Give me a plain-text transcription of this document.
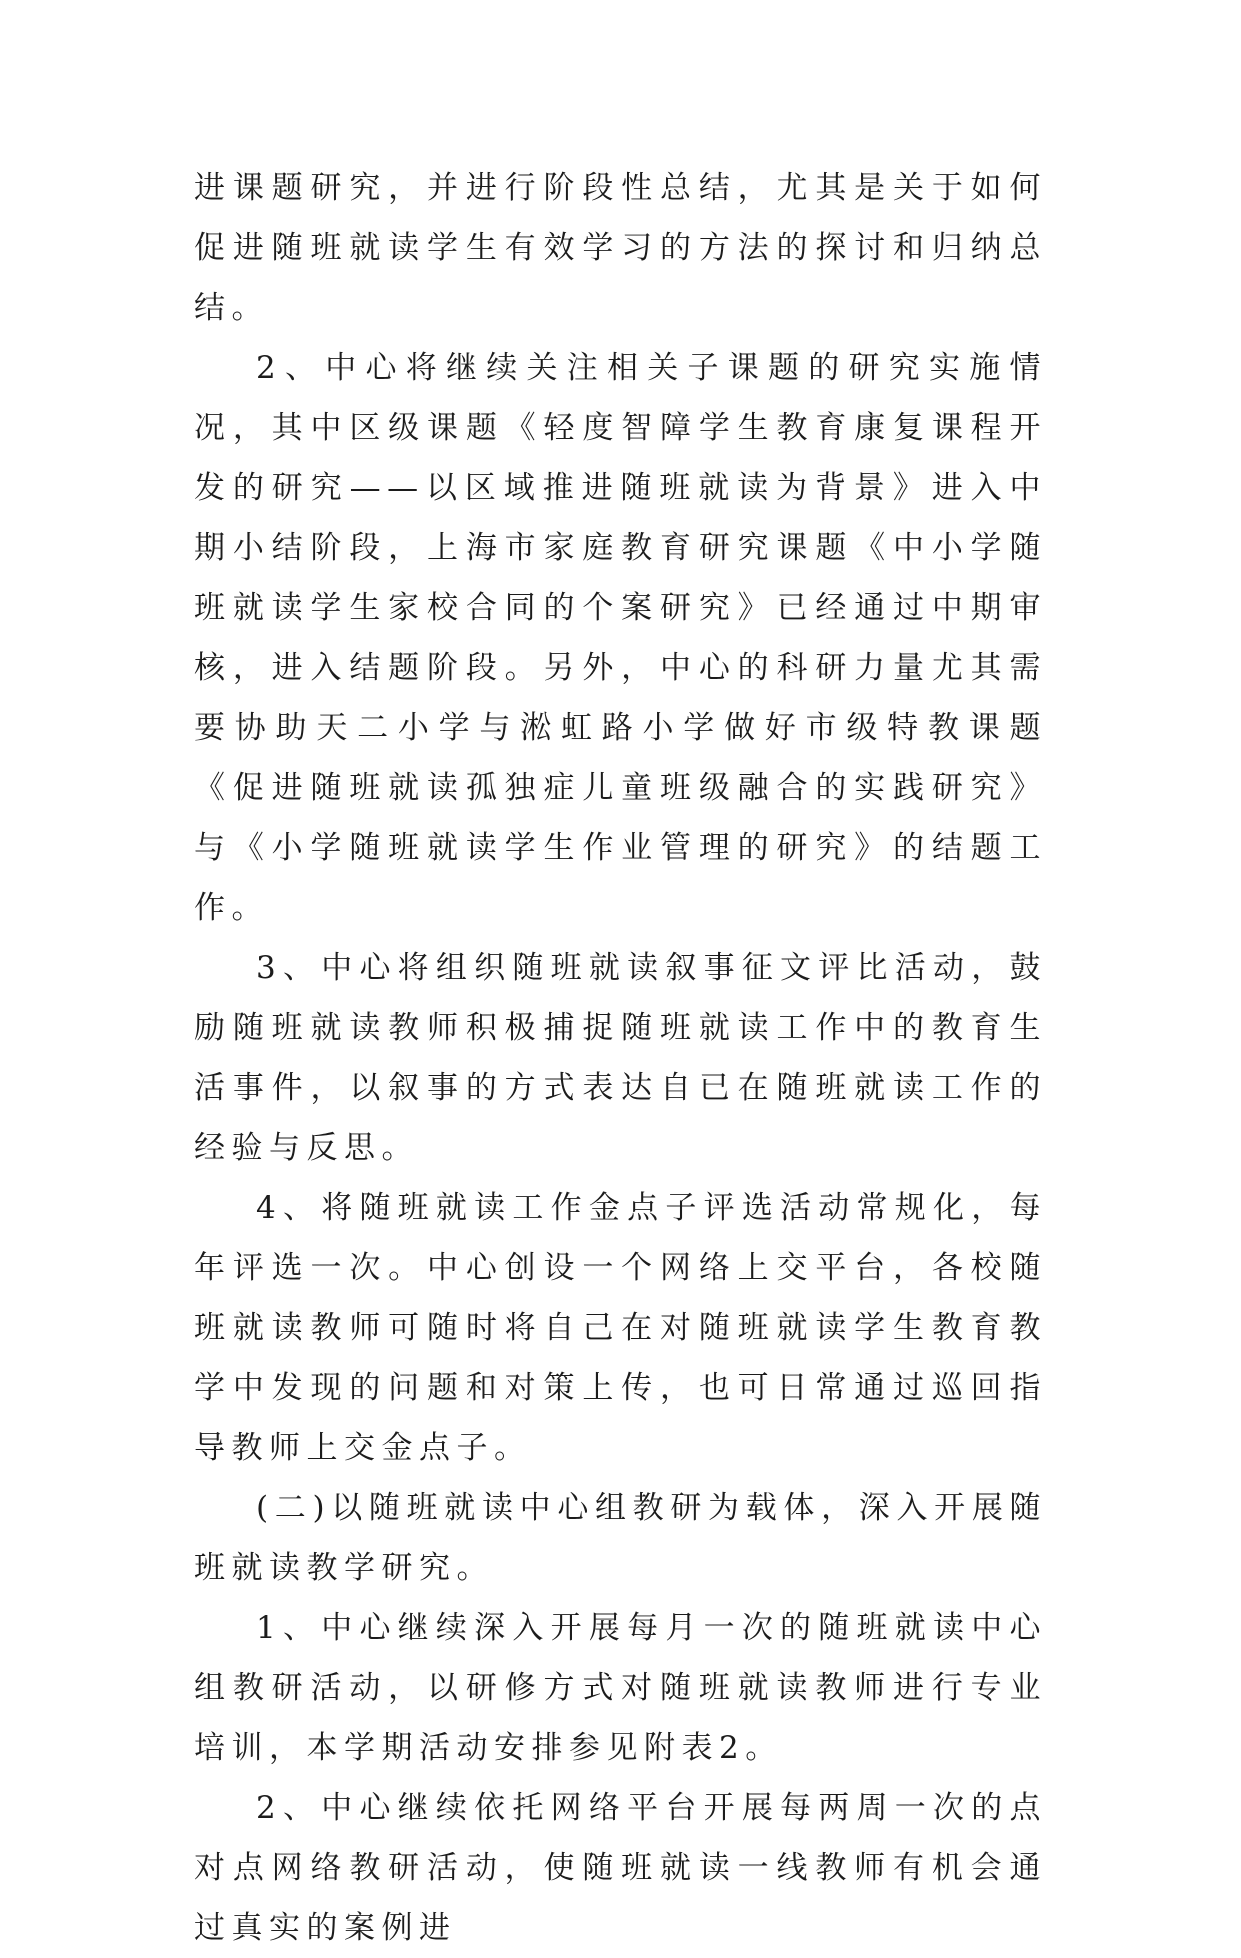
进课题研究，并进行阶段性总结，尤其是关于如何促进随班就读学生有效学习的方法的探讨和归纳总结。

2、中心将继续关注相关子课题的研究实施情况，其中区级课题《轻度智障学生教育康复课程开发的研究——以区域推进随班就读为背景》进入中期小结阶段，上海市家庭教育研究课题《中小学随班就读学生家校合同的个案研究》已经通过中期审核，进入结题阶段。另外，中心的科研力量尤其需要协助天二小学与淞虹路小学做好市级特教课题《促进随班就读孤独症儿童班级融合的实践研究》与《小学随班就读学生作业管理的研究》的结题工作。

3、中心将组织随班就读叙事征文评比活动，鼓励随班就读教师积极捕捉随班就读工作中的教育生活事件，以叙事的方式表达自已在随班就读工作的经验与反思。

4、将随班就读工作金点子评选活动常规化，每年评选一次。中心创设一个网络上交平台，各校随班就读教师可随时将自己在对随班就读学生教育教学中发现的问题和对策上传，也可日常通过巡回指导教师上交金点子。

(二)以随班就读中心组教研为载体，深入开展随班就读教学研究。

1、中心继续深入开展每月一次的随班就读中心组教研活动，以研修方式对随班就读教师进行专业培训，本学期活动安排参见附表2。

2、中心继续依托网络平台开展每两周一次的点对点网络教研活动，使随班就读一线教师有机会通过真实的案例进
